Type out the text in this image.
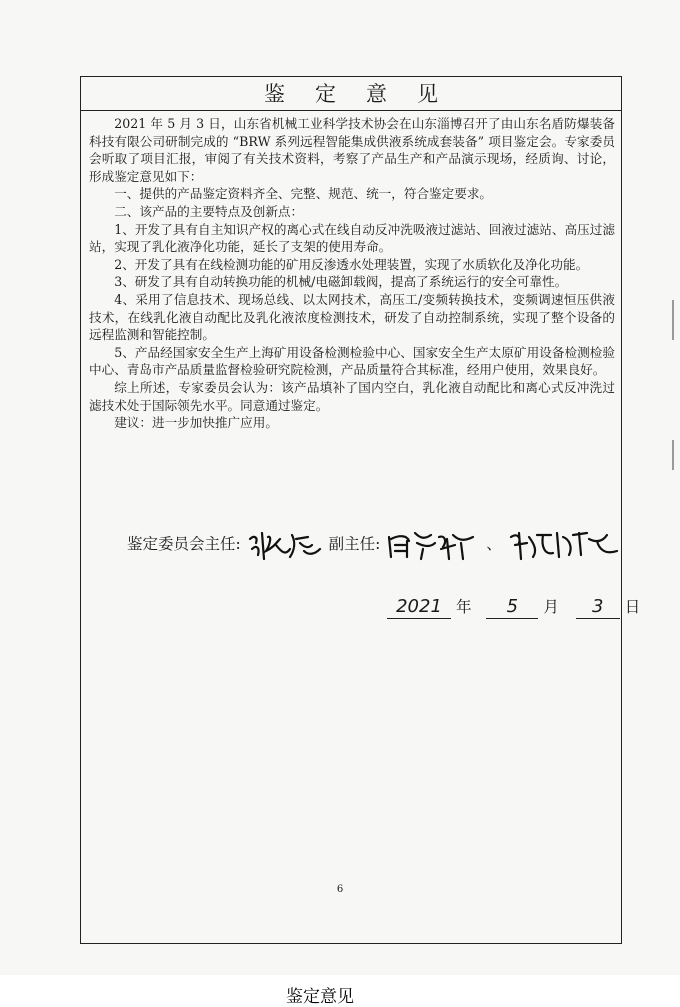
鉴定意见

2021 年 5 月 3 日，山东省机械工业科学技术协会在山东淄博召开了由山东名盾防爆装备科技有限公司研制完成的 “BRW 系列远程智能集成供液系统成套装备” 项目鉴定会。专家委员会听取了项目汇报，审阅了有关技术资料，考察了产品生产和产品演示现场，经质询、讨论，形成鉴定意见如下：

一、提供的产品鉴定资料齐全、完整、规范、统一，符合鉴定要求。

二、该产品的主要特点及创新点：

1、开发了具有自主知识产权的离心式在线自动反冲洗吸液过滤站、回液过滤站、高压过滤站，实现了乳化液净化功能，延长了支架的使用寿命。

2、开发了具有在线检测功能的矿用反渗透水处理装置，实现了水质软化及净化功能。

3、研发了具有自动转换功能的机械/电磁卸载阀，提高了系统运行的安全可靠性。

4、采用了信息技术、现场总线、以太网技术，高压工/变频转换技术，变频调速恒压供液技术，在线乳化液自动配比及乳化液浓度检测技术，研发了自动控制系统，实现了整个设备的远程监测和智能控制。

5、产品经国家安全生产上海矿用设备检测检验中心、国家安全生产太原矿用设备检测检验中心、青岛市产品质量监督检验研究院检测，产品质量符合其标准，经用户使用，效果良好。

综上所述，专家委员会认为：该产品填补了国内空白，乳化液自动配比和离心式反冲洗过滤技术处于国际领先水平。同意通过鉴定。

建议：进一步加快推广应用。

鉴定委员会主任:	副主任:	、
2021 年 5 月 3 日
6
鉴定意见
